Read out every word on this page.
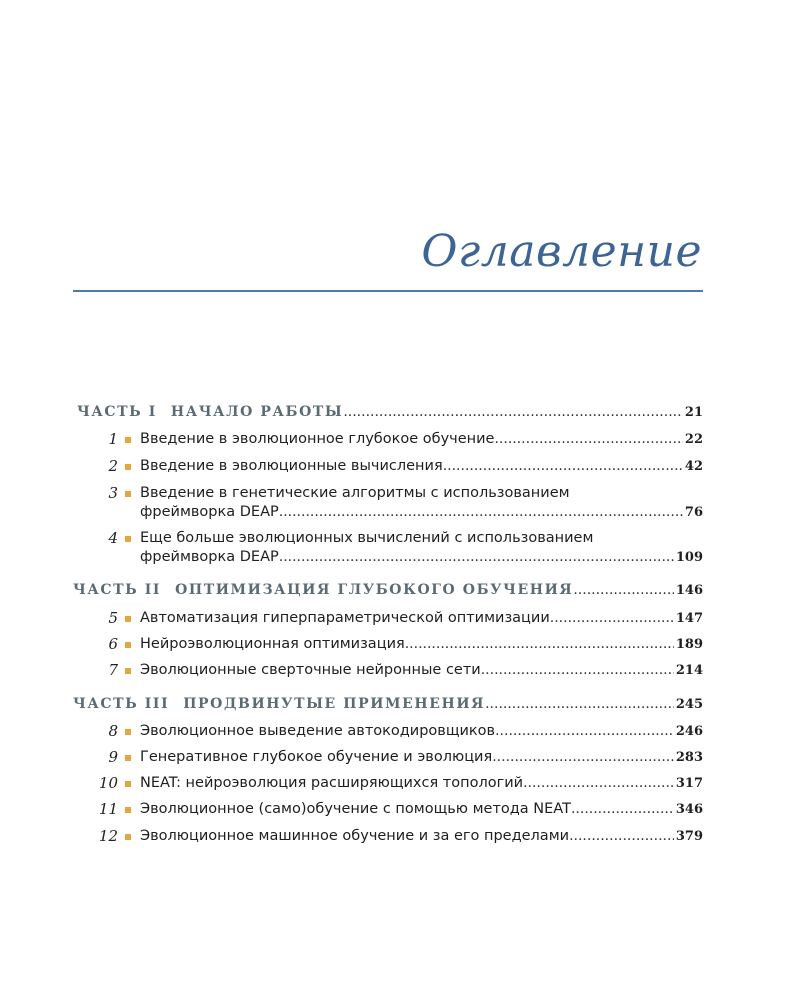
Оглавление
ЧАСТЬ I НАЧАЛО РАБОТЫ .....	21
1 Введение в эволюционное глубокое обучение .....	22
2 Введение в эволюционные вычисления .....	42
3 Введение в генетические алгоритмы с использованием
фреймворка DEAP .....	76
4 Еще больше эволюционных вычислений с использованием
фреймворка DEAP .....	109
ЧАСТЬ II ОПТИМИЗАЦИЯ ГЛУБОКОГО ОБУЧЕНИЯ .....	146
5 Автоматизация гиперпараметрической оптимизации .....	147
6 Нейроэволюционная оптимизация .....	189
7 Эволюционные сверточные нейронные сети .....	214
ЧАСТЬ III ПРОДВИНУТЫЕ ПРИМЕНЕНИЯ .....	245
8 Эволюционное выведение автокодировщиков .....	246
9 Генеративное глубокое обучение и эволюция .....	283
10 NEAT: нейроэволюция расширяющихся топологий .....	317
11 Эволюционное (само)обучение с помощью метода NEAT .....	346
12 Эволюционное машинное обучение и за его пределами .....	379
